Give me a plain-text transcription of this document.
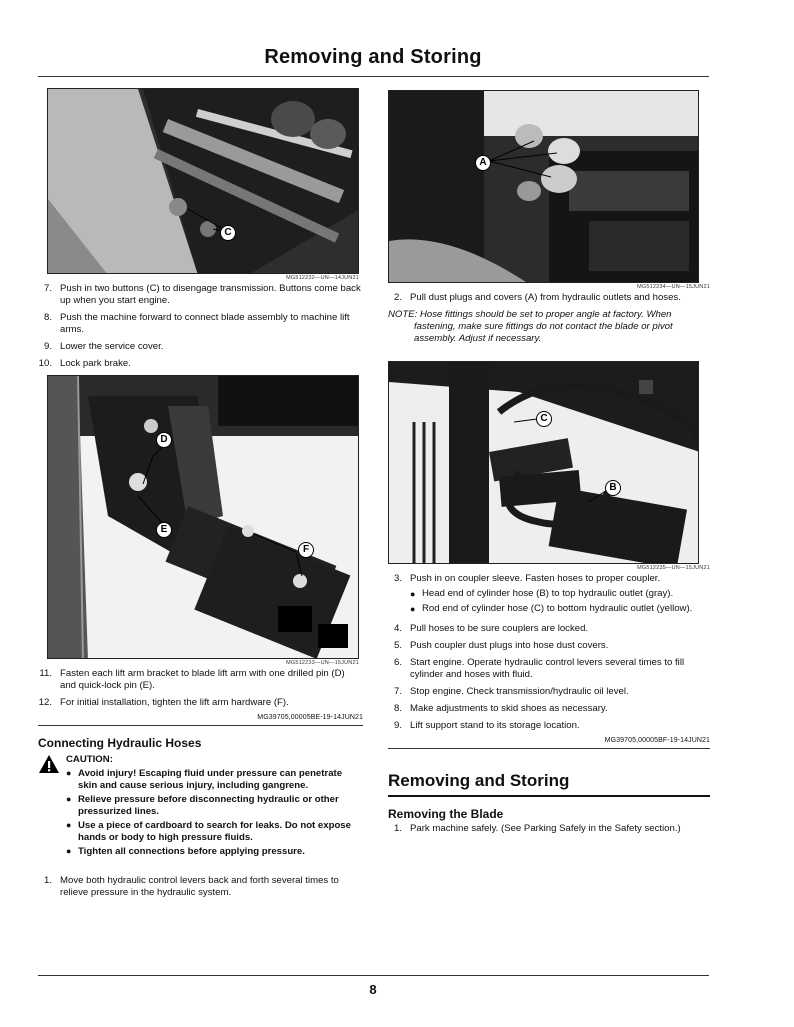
Removing and Storing
C
MG512232—UN—14JUN21
7. Push in two buttons (C) to disengage transmission. Buttons come back up when you start engine.
8. Push the machine forward to connect blade assembly to machine lift arms.
9. Lower the service cover.
10. Lock park brake.
D
E
F
MG512233—UN—15JUN21
11. Fasten each lift arm bracket to blade lift arm with one drilled pin (D) and quick-lock pin (E).
12. For initial installation, tighten the lift arm hardware (F).
MG39705,00005BE-19-14JUN21
Connecting Hydraulic Hoses
CAUTION:
● Avoid injury! Escaping fluid under pressure can penetrate skin and cause serious injury, including gangrene.
● Relieve pressure before disconnecting hydraulic or other pressurized lines.
● Use a piece of cardboard to search for leaks. Do not expose hands or body to high pressure fluids.
● Tighten all connections before applying pressure.
1. Move both hydraulic control levers back and forth several times to relieve pressure in the hydraulic system.
A
MG512234—UN—15JUN21
2. Pull dust plugs and covers (A) from hydraulic outlets and hoses.
NOTE: Hose fittings should be set to proper angle at factory. When
fastening, make sure fittings do not contact the blade or pivot
assembly. Adjust if necessary.
C
B
MG512235—UN—15JUN21
3. Push in on coupler sleeve. Fasten hoses to proper coupler.
● Head end of cylinder hose (B) to top hydraulic outlet (gray).
● Rod end of cylinder hose (C) to bottom hydraulic outlet (yellow).
4. Pull hoses to be sure couplers are locked.
5. Push coupler dust plugs into hose dust covers.
6. Start engine. Operate hydraulic control levers several times to fill cylinder and hoses with fluid.
7. Stop engine. Check transmission/hydraulic oil level.
8. Make adjustments to skid shoes as necessary.
9. Lift support stand to its storage location.
MG39705,00005BF-19-14JUN21
Removing and Storing
Removing the Blade
1. Park machine safely. (See Parking Safely in the Safety section.)
8
